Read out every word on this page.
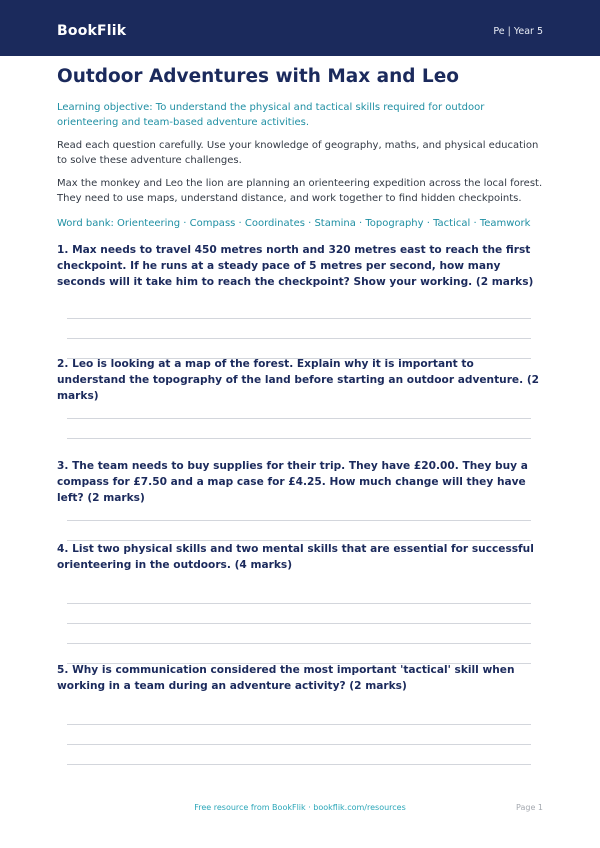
BookFlik	Pe | Year 5
Outdoor Adventures with Max and Leo

Learning objective: To understand the physical and tactical skills required for outdoor orienteering and team-based adventure activities.

Read each question carefully. Use your knowledge of geography, maths, and physical education to solve these adventure challenges.

Max the monkey and Leo the lion are planning an orienteering expedition across the local forest. They need to use maps, understand distance, and work together to find hidden checkpoints.

Word bank: Orienteering · Compass · Coordinates · Stamina · Topography · Tactical · Teamwork

1. Max needs to travel 450 metres north and 320 metres east to reach the first checkpoint. If he runs at a steady pace of 5 metres per second, how many seconds will it take him to reach the checkpoint? Show your working. (2 marks)

2. Leo is looking at a map of the forest. Explain why it is important to understand the topography of the land before starting an outdoor adventure. (2 marks)

3. The team needs to buy supplies for their trip. They have £20.00. They buy a compass for £7.50 and a map case for £4.25. How much change will they have left? (2 marks)

4. List two physical skills and two mental skills that are essential for successful orienteering in the outdoors. (4 marks)

5. Why is communication considered the most important 'tactical' skill when working in a team during an adventure activity? (2 marks)

Free resource from BookFlik · bookflik.com/resources	Page 1
